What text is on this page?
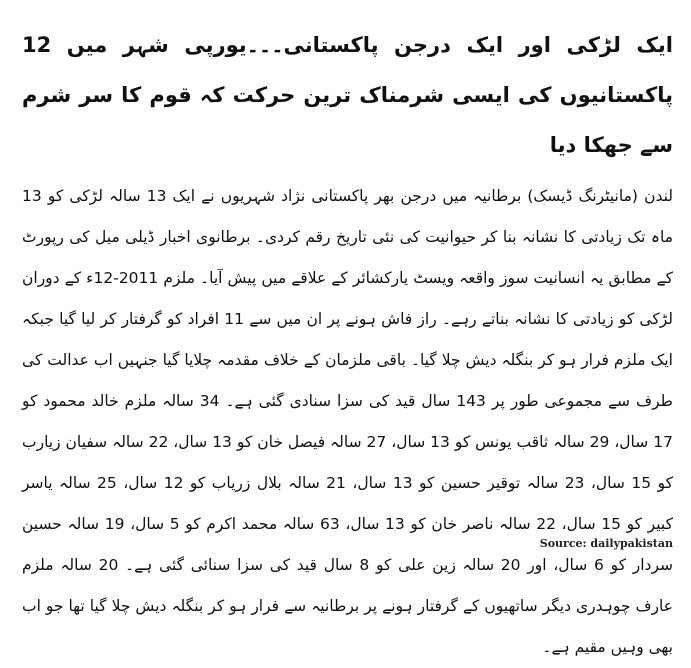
ایک لڑکی اور ایک درجن پاکستانی۔۔۔یورپی شہر میں 12 پاکستانیوں کی ایسی شرمناک ترین حرکت کہ قوم کا سر شرم سے جھکا دیا

لندن (مانیٹرنگ ڈیسک) برطانیہ میں درجن بھر پاکستانی نژاد شہریوں نے ایک 13 سالہ لڑکی کو 13 ماہ تک زیادتی کا نشانہ بنا کر حیوانیت کی نئی تاریخ رقم کردی۔ برطانوی اخبار ڈیلی میل کی رپورٹ کے مطابق یہ انسانیت سوز واقعہ ویسٹ یارکشائر کے علاقے میں پیش آیا۔ ملزم 2011-12ء کے دوران لڑکی کو زیادتی کا نشانہ بناتے رہے۔ راز فاش ہونے پر ان میں سے 11 افراد کو گرفتار کر لیا گیا جبکہ ایک ملزم فرار ہو کر بنگلہ دیش چلا گیا۔ باقی ملزمان کے خلاف مقدمہ چلایا گیا جنہیں اب عدالت کی طرف سے مجموعی طور پر 143 سال قید کی سزا سنادی گئی ہے۔ 34 سالہ ملزم خالد محمود کو 17 سال، 29 سالہ ثاقب یونس کو 13 سال، 27 سالہ فیصل خان کو 13 سال، 22 سالہ سفیان زیارب کو 15 سال، 23 سالہ توقیر حسین کو 13 سال، 21 سالہ بلال زریاب کو 12 سال، 25 سالہ یاسر کبیر کو 15 سال، 22 سالہ ناصر خان کو 13 سال، 63 سالہ محمد اکرم کو 5 سال، 19 سالہ حسین سردار کو 6 سال، اور 20 سالہ زین علی کو 8 سال قید کی سزا سنائی گئی ہے۔ 20 سالہ ملزم عارف چوہدری دیگر ساتھیوں کے گرفتار ہونے پر برطانیہ سے فرار ہو کر بنگلہ دیش چلا گیا تھا جو اب بھی وہیں مقیم ہے۔

Source: dailypakistan
